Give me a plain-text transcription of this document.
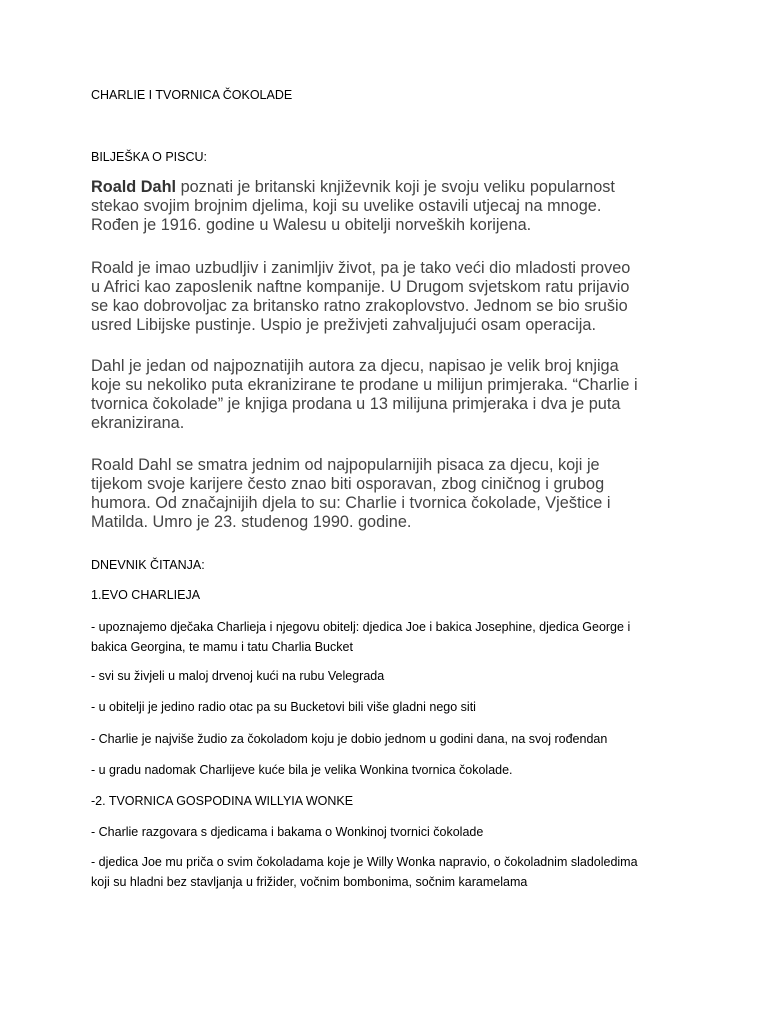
CHARLIE I TVORNICA ČOKOLADE

BILJEŠKA O PISCU:

Roald Dahl poznati je britanski književnik koji je svoju veliku popularnost
stekao svojim brojnim djelima, koji su uvelike ostavili utjecaj na mnoge.
Rođen je 1916. godine u Walesu u obitelji norveških korijena.

Roald je imao uzbudljiv i zanimljiv život, pa je tako veći dio mladosti proveo
u Africi kao zaposlenik naftne kompanije. U Drugom svjetskom ratu prijavio
se kao dobrovoljac za britansko ratno zrakoplovstvo. Jednom se bio srušio
usred Libijske pustinje. Uspio je preživjeti zahvaljujući osam operacija.

Dahl je jedan od najpoznatijih autora za djecu, napisao je velik broj knjiga
koje su nekoliko puta ekranizirane te prodane u milijun primjeraka. “Charlie i
tvornica čokolade” je knjiga prodana u 13 milijuna primjeraka i dva je puta
ekranizirana.

Roald Dahl se smatra jednim od najpopularnijih pisaca za djecu, koji je
tijekom svoje karijere često znao biti osporavan, zbog ciničnog i grubog
humora. Od značajnijih djela to su: Charlie i tvornica čokolade, Vještice i
Matilda. Umro je 23. studenog 1990. godine.

DNEVNIK ČITANJA:

1.EVO CHARLIEJA

- upoznajemo dječaka Charlieja i njegovu obitelj: djedica Joe i bakica Josephine, djedica George i
bakica Georgina, te mamu i tatu Charlia Bucket

- svi su živjeli u maloj drvenoj kući na rubu Velegrada

- u obitelji je jedino radio otac pa su Bucketovi bili više gladni nego siti

- Charlie je najviše žudio za čokoladom koju je dobio jednom u godini dana, na svoj rođendan

- u gradu nadomak Charlijeve kuće bila je velika Wonkina tvornica čokolade.

-2. TVORNICA GOSPODINA WILLYIA WONKE

- Charlie razgovara s djedicama i bakama o Wonkinoj tvornici čokolade

- djedica Joe mu priča o svim čokoladama koje je Willy Wonka napravio, o čokoladnim sladoledima
koji su hladni bez stavljanja u frižider, vočnim bombonima, sočnim karamelama
